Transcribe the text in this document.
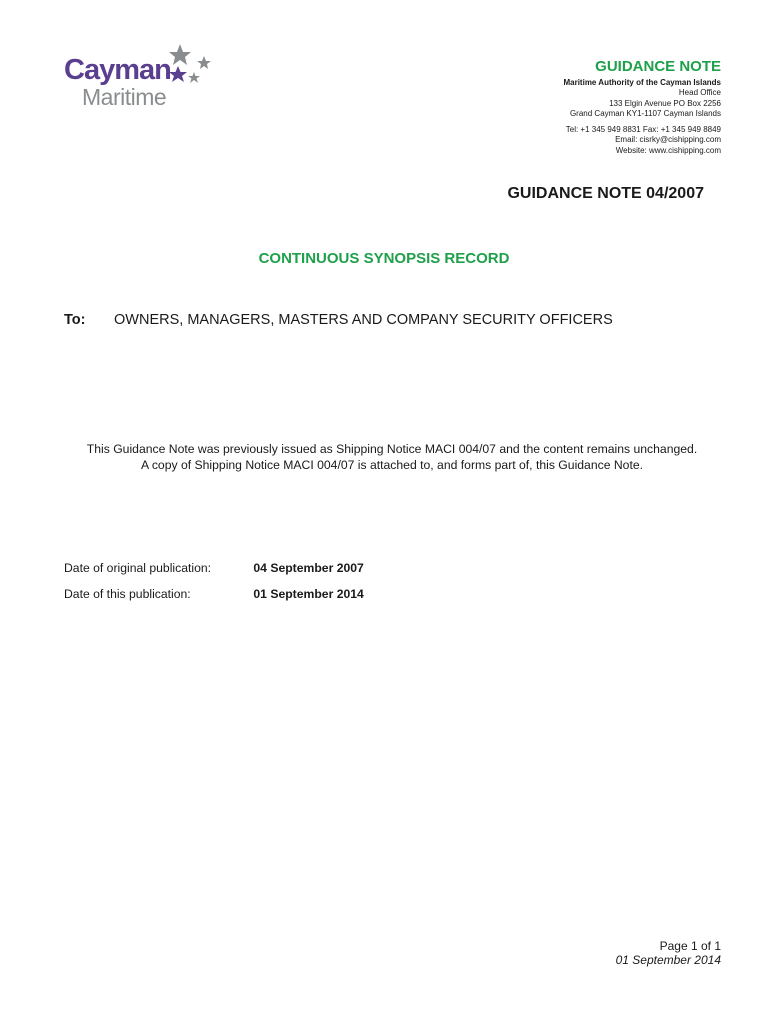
Cayman
Maritime
GUIDANCE NOTE
Maritime Authority of the Cayman Islands
Head Office
133 Elgin Avenue PO Box 2256
Grand Cayman KY1-1107 Cayman Islands
Tel: +1 345 949 8831 Fax: +1 345 949 8849
Email: cisrky@cishipping.com
Website: www.cishipping.com
GUIDANCE NOTE 04/2007
CONTINUOUS SYNOPSIS RECORD
To: OWNERS, MANAGERS, MASTERS AND COMPANY SECURITY OFFICERS
This Guidance Note was previously issued as Shipping Notice MACI 004/07 and the content remains unchanged.
A copy of Shipping Notice MACI 004/07 is attached to, and forms part of, this Guidance Note.
Date of original publication:	04 September 2007
Date of this publication:	01 September 2014
Page 1 of 1
01 September 2014
